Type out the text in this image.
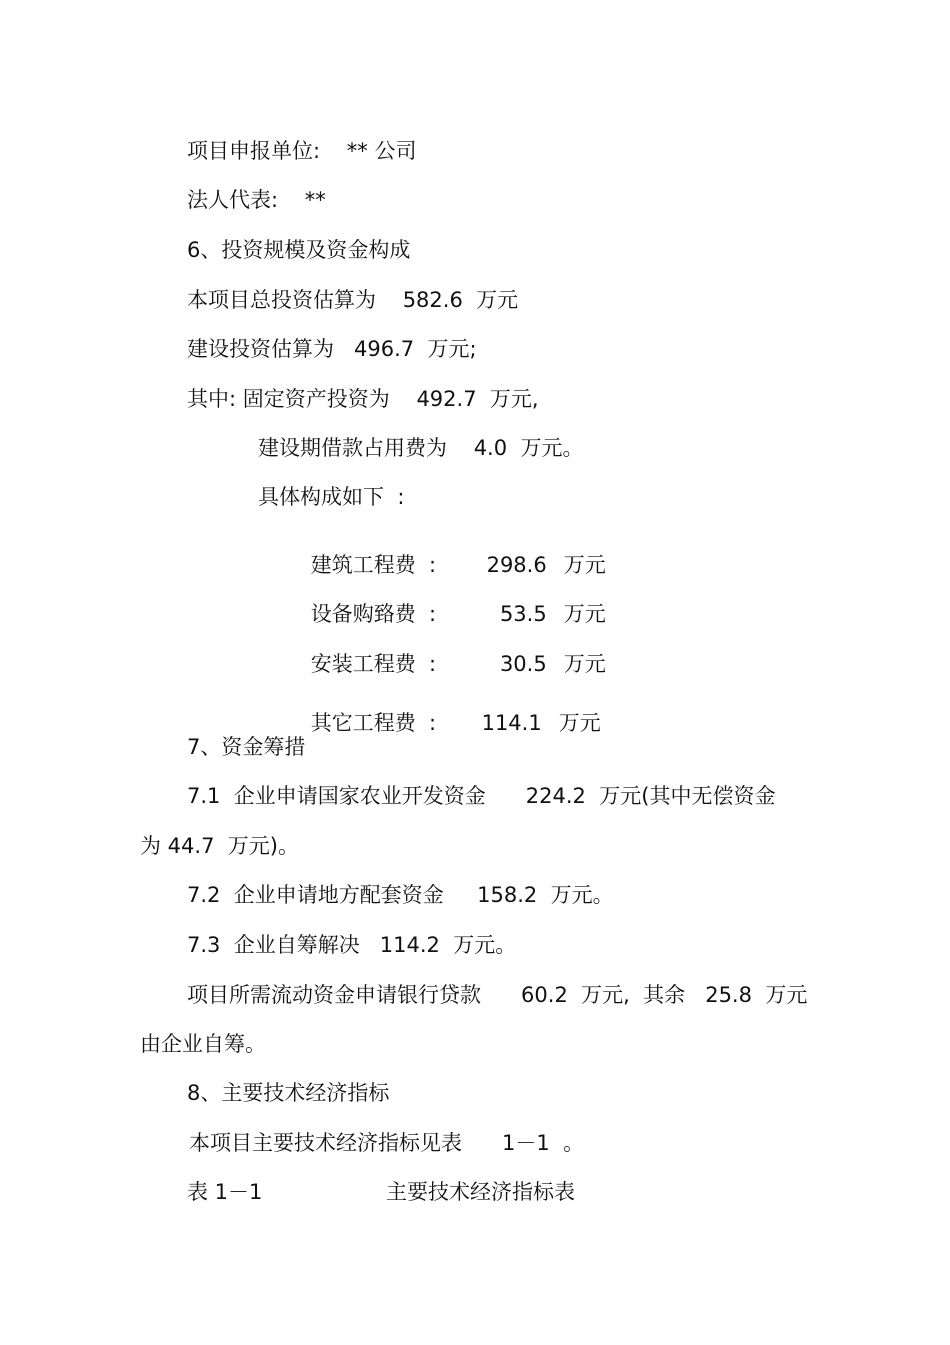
项目申报单位:    ** 公司
法人代表:    **
6、投资规模及资金构成
本项目总投资估算为    582.6  万元
建设投资估算为   496.7  万元;
其中: 固定资产投资为    492.7  万元,
建设期借款占用费为    4.0  万元。
具体构成如下  :

建筑工程费  : 298.6 万元

设备购臵费  :	53.5 万元

安装工程费  :	30.5 万元

其它工程费  : 114.1 万元

7、资金筹措
7.1  企业申请国家农业开发资金      224.2  万元(其中无偿资金
为 44.7  万元)。
7.2  企业申请地方配套资金     158.2  万元。
7.3  企业自筹解决   114.2  万元。
项目所需流动资金申请银行贷款      60.2  万元,  其余   25.8  万元
由企业自筹。
8、主要技术经济指标
本项目主要技术经济指标见表      1－1  。
表 1－1	主要技术经济指标表
